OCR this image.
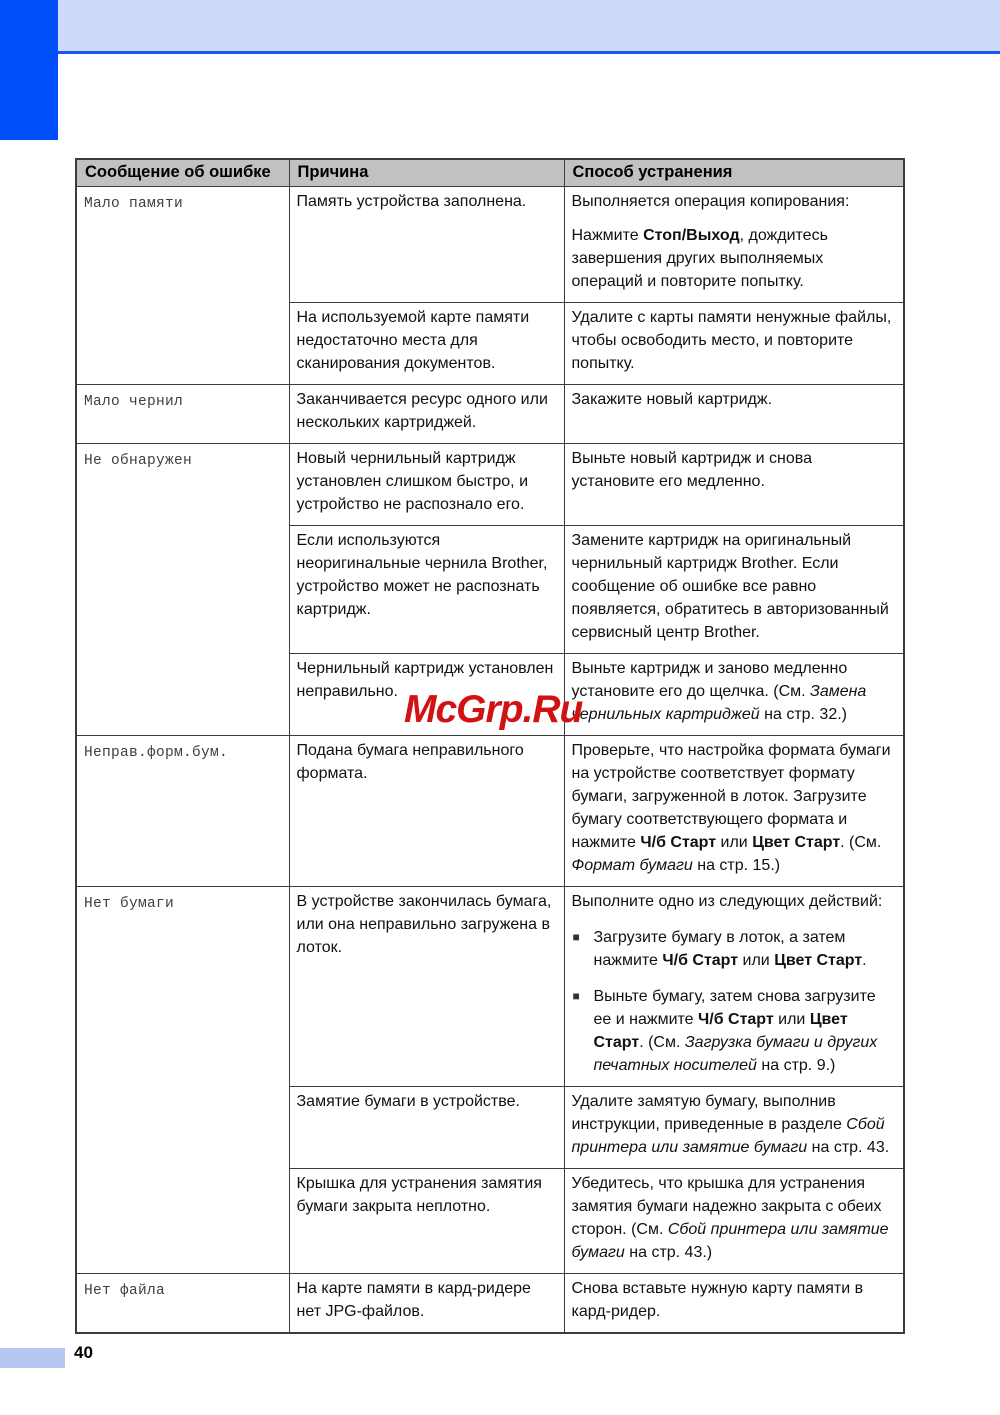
Сообщение об ошибке	Причина	Способ устранения
Мало памяти	Память устройства заполнена.	Выполняется операция копирования:
Нажмите Стоп/Выход, дождитесь завершения других выполняемых операций и повторите попытку.

	На используемой карте памяти недостаточно места для сканирования документов.	Удалите с карты памяти ненужные файлы, чтобы освободить место, и повторите попытку.

Мало чернил	Заканчивается ресурс одного или нескольких картриджей.	Закажите новый картридж.

Не обнаружен	Новый чернильный картридж установлен слишком быстро, и устройство не распознало его.	Выньте новый картридж и снова установите его медленно.

	Если используются неоригинальные чернила Brother, устройство может не распознать картридж.	Замените картридж на оригинальный чернильный картридж Brother. Если сообщение об ошибке все равно появляется, обратитесь в авторизованный сервисный центр Brother.

	Чернильный картридж установлен неправильно.	Выньте картридж и заново медленно установите его до щелчка. (См. Замена чернильных картриджей на стр. 32.)

Неправ.форм.бум.	Подана бумага неправильного формата.	Проверьте, что настройка формата бумаги на устройстве соответствует формату бумаги, загруженной в лоток. Загрузите бумагу соответствующего формата и нажмите Ч/б Старт или Цвет Старт. (См. Формат бумаги на стр. 15.)

Нет бумаги	В устройстве закончилась бумага, или она неправильно загружена в лоток.	Выполните одно из следующих действий:
■ Загрузите бумагу в лоток, а затем нажмите Ч/б Старт или Цвет Старт.
■ Выньте бумагу, затем снова загрузите ее и нажмите Ч/б Старт или Цвет Старт. (См. Загрузка бумаги и других печатных носителей на стр. 9.)

	Замятие бумаги в устройстве.	Удалите замятую бумагу, выполнив инструкции, приведенные в разделе Сбой принтера или замятие бумаги на стр. 43.

	Крышка для устранения замятия бумаги закрыта неплотно.	Убедитесь, что крышка для устранения замятия бумаги надежно закрыта с обеих сторон. (См. Сбой принтера или замятие бумаги на стр. 43.)

Нет файла	На карте памяти в кард-ридере нет JPG-файлов.	Снова вставьте нужную карту памяти в кард-ридер.
McGrp.Ru
40
